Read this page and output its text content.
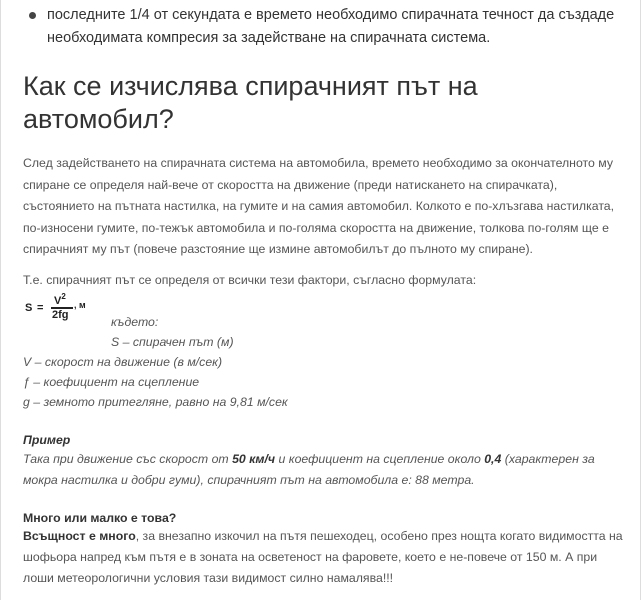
последните 1/4 от секундата е времето необходимо спирачната течност да създаде необходимата компресия за задействане на спирачната система.
Как се изчислява спирачният път на автомобил?

След задействането на спирачната система на автомобила, времето необходимо за окончателното му спиране се определя най-вече от скоростта на движение (преди натискането на спирачката), състоянието на пътната настилка, на гумите и на самия автомобил. Колкото е по-хлъзгава настилката, по-износени гумите, по-тежък автомобила и по-голяма скоростта на движение, толкова по-голям ще е спирачният му път (повече разстояние ще измине автомобилът до пълното му спиране).

Т.е. спирачният път се определя от всички тези фактори, съгласно формулата:

S =
$V^2$
2fg
, м

където:

S – спирачен път (м)

V – скорост на движение (в м/сек)

ƒ – коефициент на сцепление

g – земното притегляне, равно на 9,81 м/сек

Пример

Така при движение със скорост от 50 км/ч и коефициент на сцепление около 0,4 (характерен за мокра настилка и добри гуми), спирачният път на автомобила е: 88 метра.

Много или малко е това?

Всъщност е много, за внезапно изкочил на пътя пешеходец, особено през нощта когато видимостта на шофьора напред към пътя е в зоната на осветеност на фаровете, което е не-повече от 150 м. А при лоши метеорологични условия тази видимост силно намалява!!!
